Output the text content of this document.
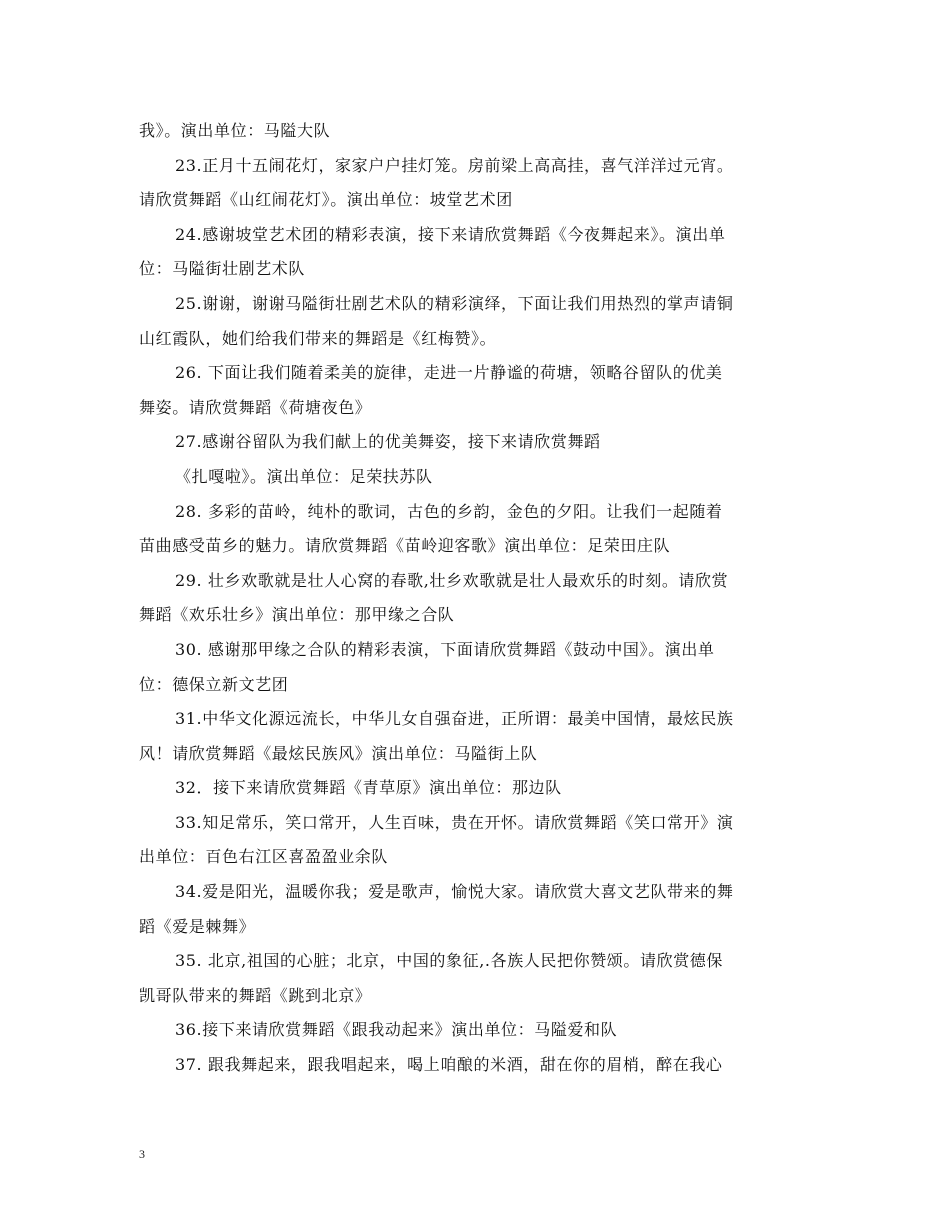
我》。演出单位：马隘大队
23.正月十五闹花灯，家家户户挂灯笼。房前梁上高高挂，喜气洋洋过元宵。
请欣赏舞蹈《山红闹花灯》。演出单位：坡堂艺术团
24.感谢坡堂艺术团的精彩表演，接下来请欣赏舞蹈《今夜舞起来》。演出单
位：马隘街壮剧艺术队
25.谢谢，谢谢马隘街壮剧艺术队的精彩演绎，下面让我们用热烈的掌声请铜
山红霞队，她们给我们带来的舞蹈是《红梅赞》。
26. 下面让我们随着柔美的旋律，走进一片静谧的荷塘，领略谷留队的优美
舞姿。请欣赏舞蹈《荷塘夜色》
27.感谢谷留队为我们献上的优美舞姿，接下来请欣赏舞蹈
《扎嘎啦》。演出单位：足荣扶苏队
28. 多彩的苗岭，纯朴的歌词，古色的乡韵，金色的夕阳。让我们一起随着
苗曲感受苗乡的魅力。请欣赏舞蹈《苗岭迎客歌》演出单位：足荣田庄队
29. 壮乡欢歌就是壮人心窝的春歌,壮乡欢歌就是壮人最欢乐的时刻。请欣赏
舞蹈《欢乐壮乡》演出单位：那甲缘之合队
30. 感谢那甲缘之合队的精彩表演，下面请欣赏舞蹈《鼓动中国》。演出单
位：德保立新文艺团
31.中华文化源远流长，中华儿女自强奋进，正所谓：最美中国情，最炫民族
风！请欣赏舞蹈《最炫民族风》演出单位：马隘街上队
32．接下来请欣赏舞蹈《青草原》演出单位：那边队
33.知足常乐，笑口常开，人生百味，贵在开怀。请欣赏舞蹈《笑口常开》演
出单位：百色右江区喜盈盈业余队
34.爱是阳光，温暖你我；爱是歌声，愉悦大家。请欣赏大喜文艺队带来的舞
蹈《爱是棘舞》
35. 北京,祖国的心脏；北京，中国的象征,.各族人民把你赞颂。请欣赏德保
凯哥队带来的舞蹈《跳到北京》
36.接下来请欣赏舞蹈《跟我动起来》演出单位：马隘爱和队
37. 跟我舞起来，跟我唱起来，喝上咱酿的米酒，甜在你的眉梢，醉在我心
3
